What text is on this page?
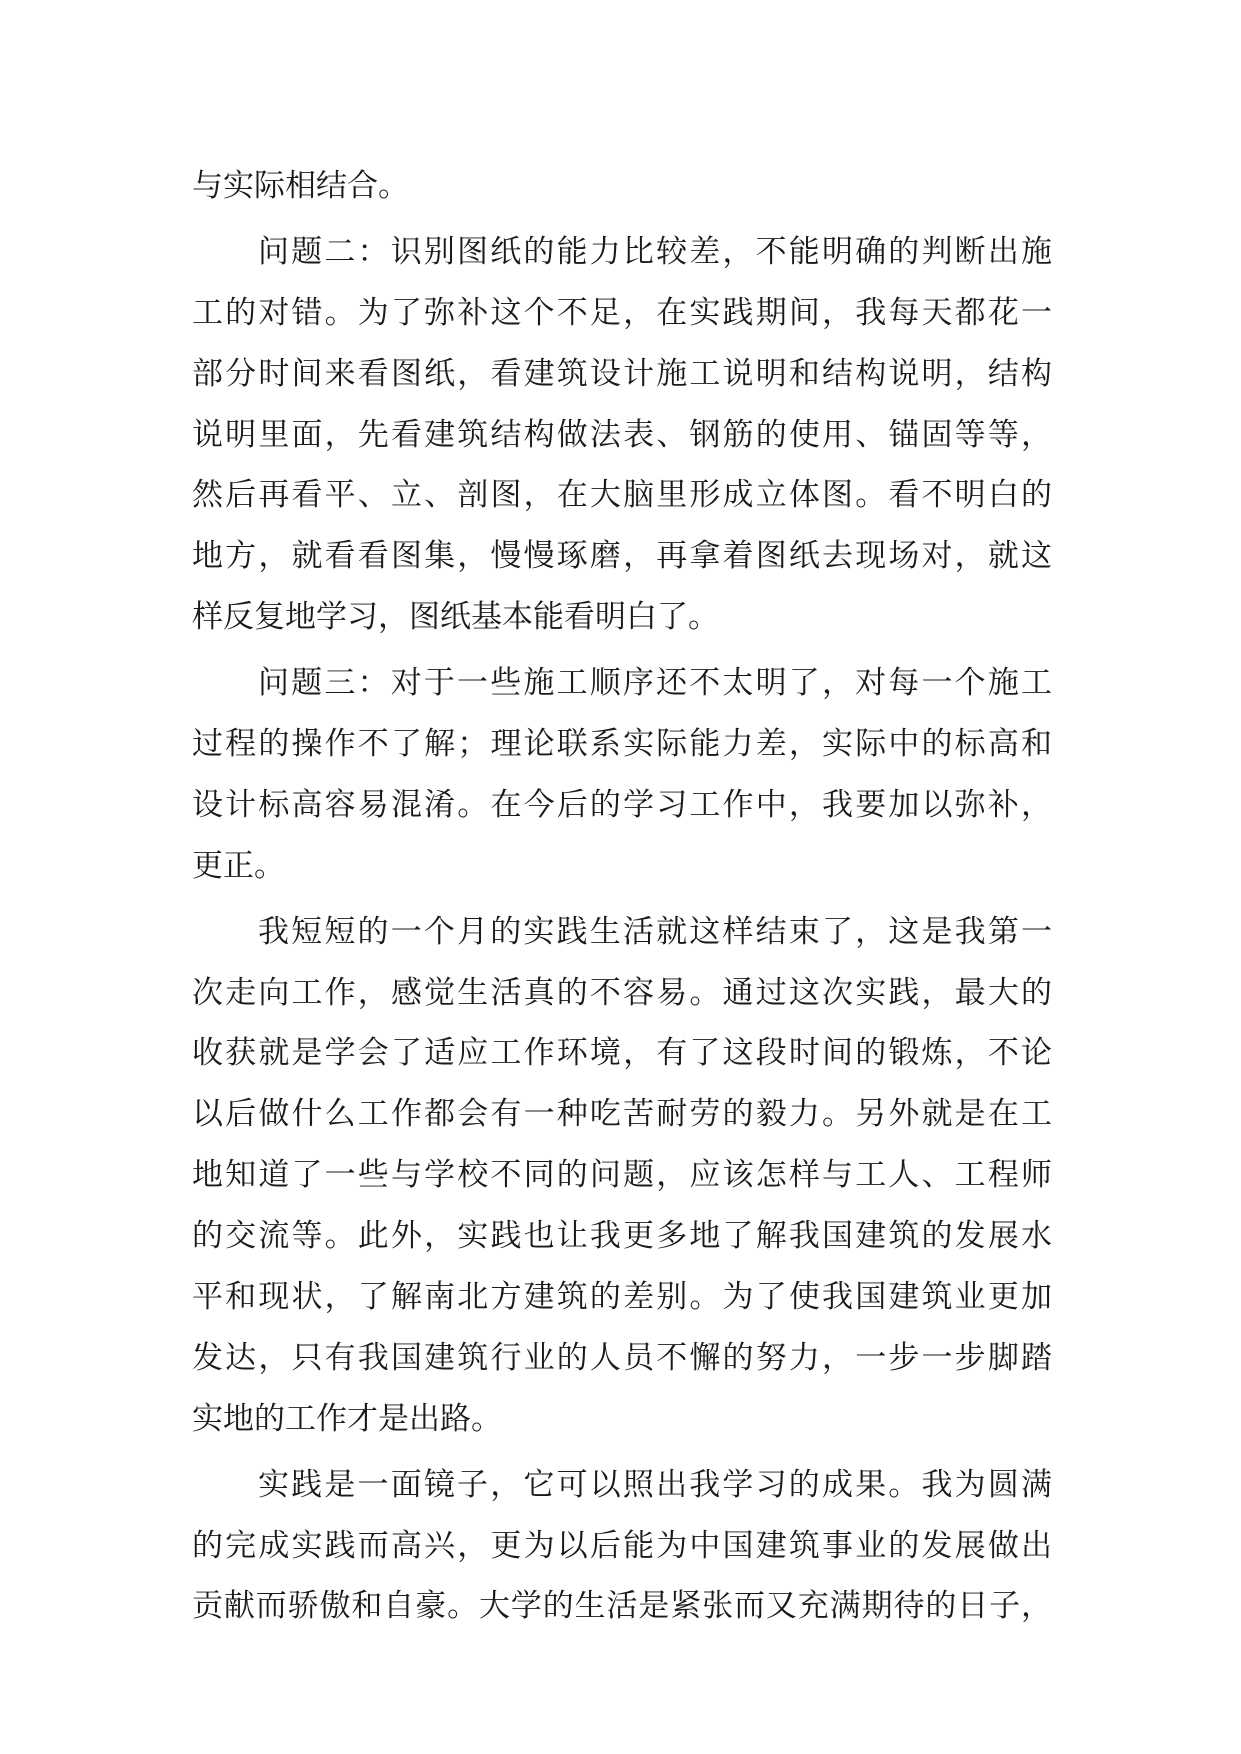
与实际相结合。
问题二：识别图纸的能力比较差，不能明确的判断出施
工的对错。为了弥补这个不足，在实践期间，我每天都花一
部分时间来看图纸，看建筑设计施工说明和结构说明，结构
说明里面，先看建筑结构做法表、钢筋的使用、锚固等等，
然后再看平、立、剖图，在大脑里形成立体图。看不明白的
地方，就看看图集，慢慢琢磨，再拿着图纸去现场对，就这
样反复地学习，图纸基本能看明白了。
问题三：对于一些施工顺序还不太明了，对每一个施工
过程的操作不了解；理论联系实际能力差，实际中的标高和
设计标高容易混淆。在今后的学习工作中，我要加以弥补，
更正。
我短短的一个月的实践生活就这样结束了，这是我第一
次走向工作，感觉生活真的不容易。通过这次实践，最大的
收获就是学会了适应工作环境，有了这段时间的锻炼，不论
以后做什么工作都会有一种吃苦耐劳的毅力。另外就是在工
地知道了一些与学校不同的问题，应该怎样与工人、工程师
的交流等。此外，实践也让我更多地了解我国建筑的发展水
平和现状，了解南北方建筑的差别。为了使我国建筑业更加
发达，只有我国建筑行业的人员不懈的努力，一步一步脚踏
实地的工作才是出路。
实践是一面镜子，它可以照出我学习的成果。我为圆满
的完成实践而高兴，更为以后能为中国建筑事业的发展做出
贡献而骄傲和自豪。大学的生活是紧张而又充满期待的日子，
